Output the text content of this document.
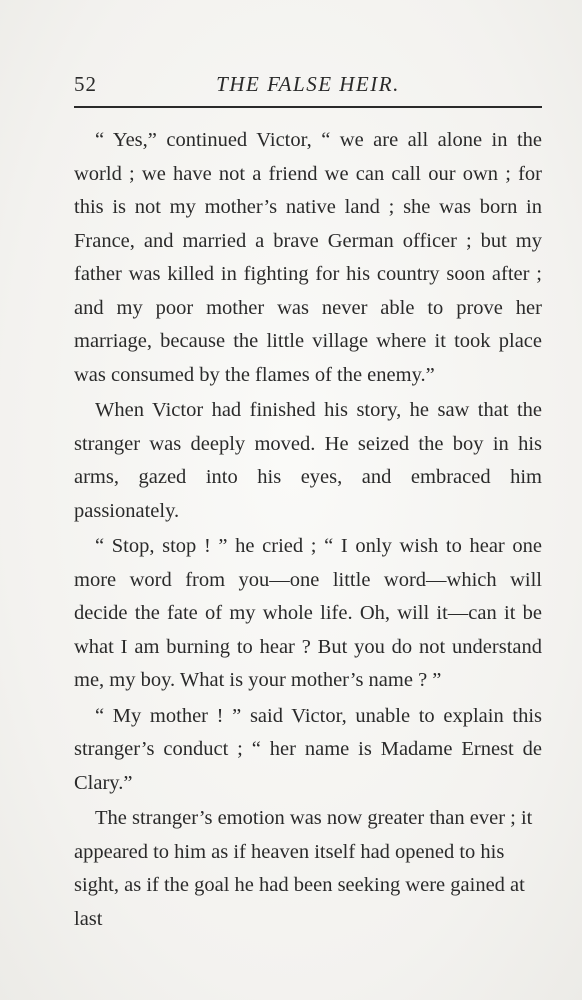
52	THE FALSE HEIR.

“ Yes,” continued Victor, “ we are all alone in the world ; we have not a friend we can call our own ; for this is not my mother’s native land ; she was born in France, and married a brave German officer ; but my father was killed in fighting for his country soon after ; and my poor mother was never able to prove her marriage, because the little village where it took place was consumed by the flames of the enemy.”

When Victor had finished his story, he saw that the stranger was deeply moved. He seized the boy in his arms, gazed into his eyes, and embraced him passionately.

“ Stop, stop ! ” he cried ; “ I only wish to hear one more word from you—one little word—which will decide the fate of my whole life. Oh, will it—can it be what I am burning to hear ? But you do not understand me, my boy. What is your mother’s name ? ”

“ My mother ! ” said Victor, unable to explain this stranger’s conduct ; “ her name is Madame Ernest de Clary.”

The stranger’s emotion was now greater than ever ; it appeared to him as if heaven itself had opened to his sight, as if the goal he had been seeking were gained at last
